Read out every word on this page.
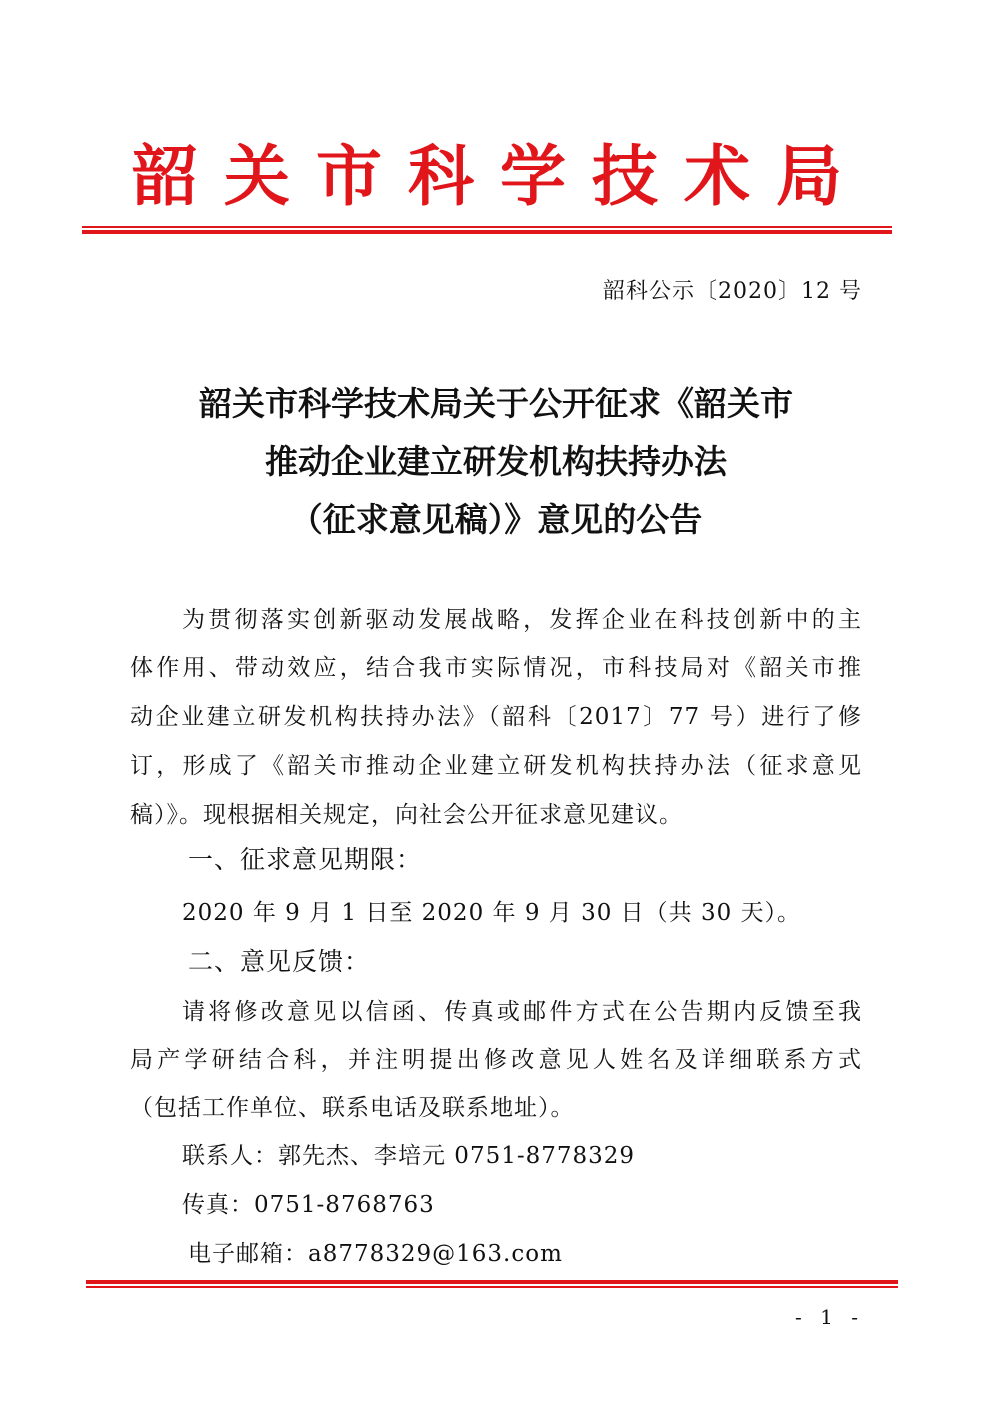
韶关市科学技术局
韶科公示〔2020〕12 号
韶关市科学技术局关于公开征求《韶关市
推动企业建立研发机构扶持办法
（征求意见稿）》意见的公告
为贯彻落实创新驱动发展战略，发挥企业在科技创新中的主
体作用、带动效应，结合我市实际情况，市科技局对《韶关市推
动企业建立研发机构扶持办法》（韶科〔2017〕77 号）进行了修
订，形成了《韶关市推动企业建立研发机构扶持办法（征求意见
稿）》。现根据相关规定，向社会公开征求意见建议。
一、征求意见期限：
2020 年 9 月 1 日至 2020 年 9 月 30 日（共 30 天）。
二、意见反馈：
请将修改意见以信函、传真或邮件方式在公告期内反馈至我
局产学研结合科，并注明提出修改意见人姓名及详细联系方式
（包括工作单位、联系电话及联系地址）。
联系人：郭先杰、李培元 0751-8778329
传真：0751-8768763
电子邮箱：a8778329@163.com
- 1 -
